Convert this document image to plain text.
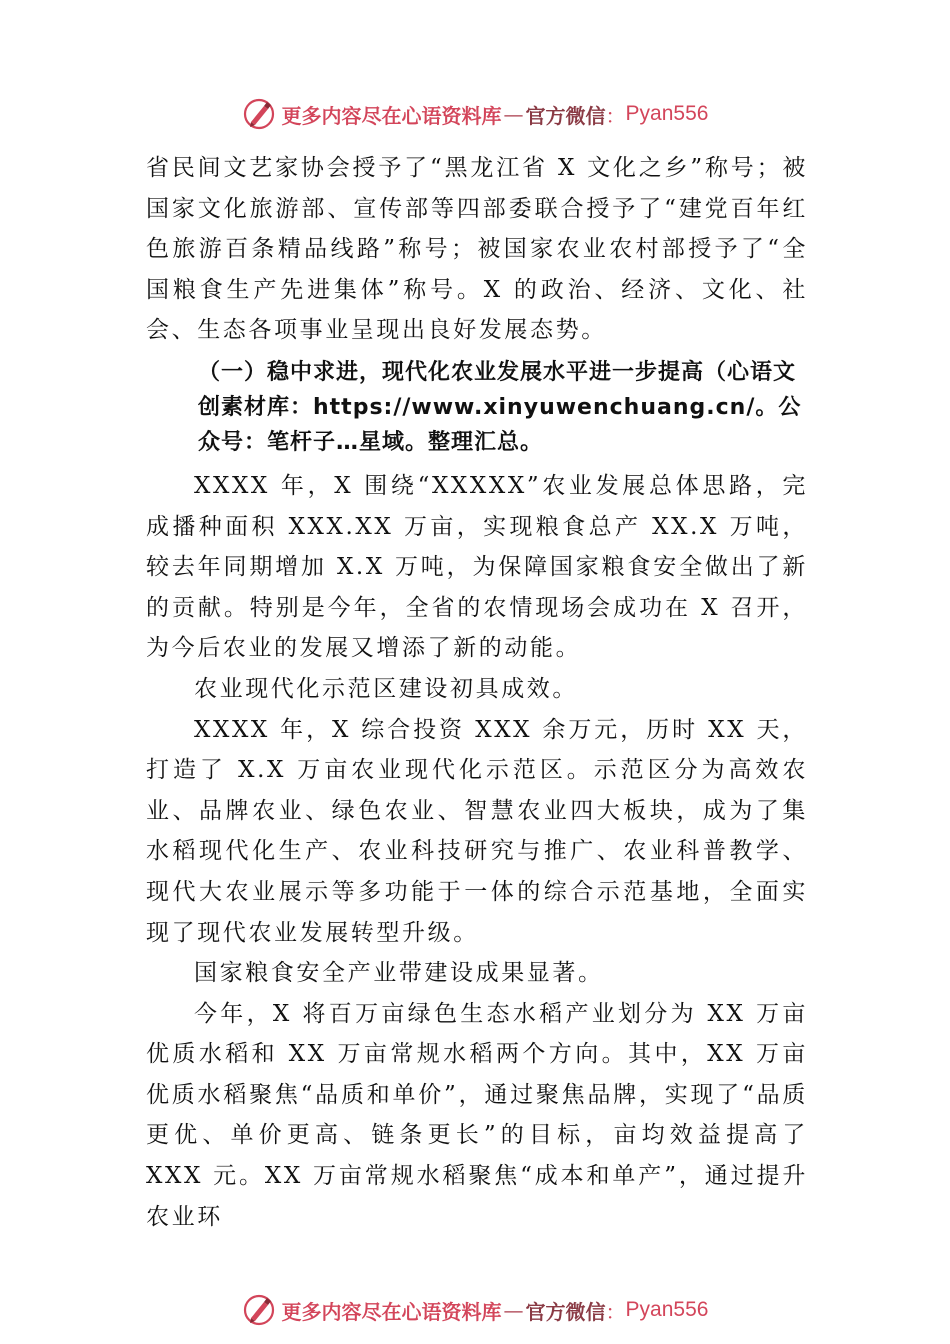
更多内容尽在心语资料库 — 官方微信 ： Pyan556

省民间文艺家协会授予了“黑龙江省 X 文化之乡”称号；被国家文化旅游部、宣传部等四部委联合授予了“建党百年红色旅游百条精品线路”称号；被国家农业农村部授予了“全国粮食生产先进集体”称号。X 的政治、经济、文化、社会、生态各项事业呈现出良好发展态势。

（一）稳中求进，现代化农业发展水平进一步提高（心语文创素材库：https://www.xinyuwenchuang.cn/。公众号：笔杆子…星域。整理汇总。

XXXX 年，X 围绕“XXXXX”农业发展总体思路，完成播种面积 XXX.XX 万亩，实现粮食总产 XX.X 万吨，较去年同期增加 X.X 万吨，为保障国家粮食安全做出了新的贡献。特别是今年，全省的农情现场会成功在 X 召开，为今后农业的发展又增添了新的动能。

农业现代化示范区建设初具成效。

XXXX 年，X 综合投资 XXX 余万元，历时 XX 天，打造了 X.X 万亩农业现代化示范区。示范区分为高效农业、品牌农业、绿色农业、智慧农业四大板块，成为了集水稻现代化生产、农业科技研究与推广、农业科普教学、现代大农业展示等多功能于一体的综合示范基地，全面实现了现代农业发展转型升级。

国家粮食安全产业带建设成果显著。

今年，X 将百万亩绿色生态水稻产业划分为 XX 万亩优质水稻和 XX 万亩常规水稻两个方向。其中，XX 万亩优质水稻聚焦“品质和单价”，通过聚焦品牌，实现了“品质更优、单价更高、链条更长”的目标，亩均效益提高了 XXX 元。XX 万亩常规水稻聚焦“成本和单产”，通过提升农业环

更多内容尽在心语资料库 — 官方微信 ： Pyan556
